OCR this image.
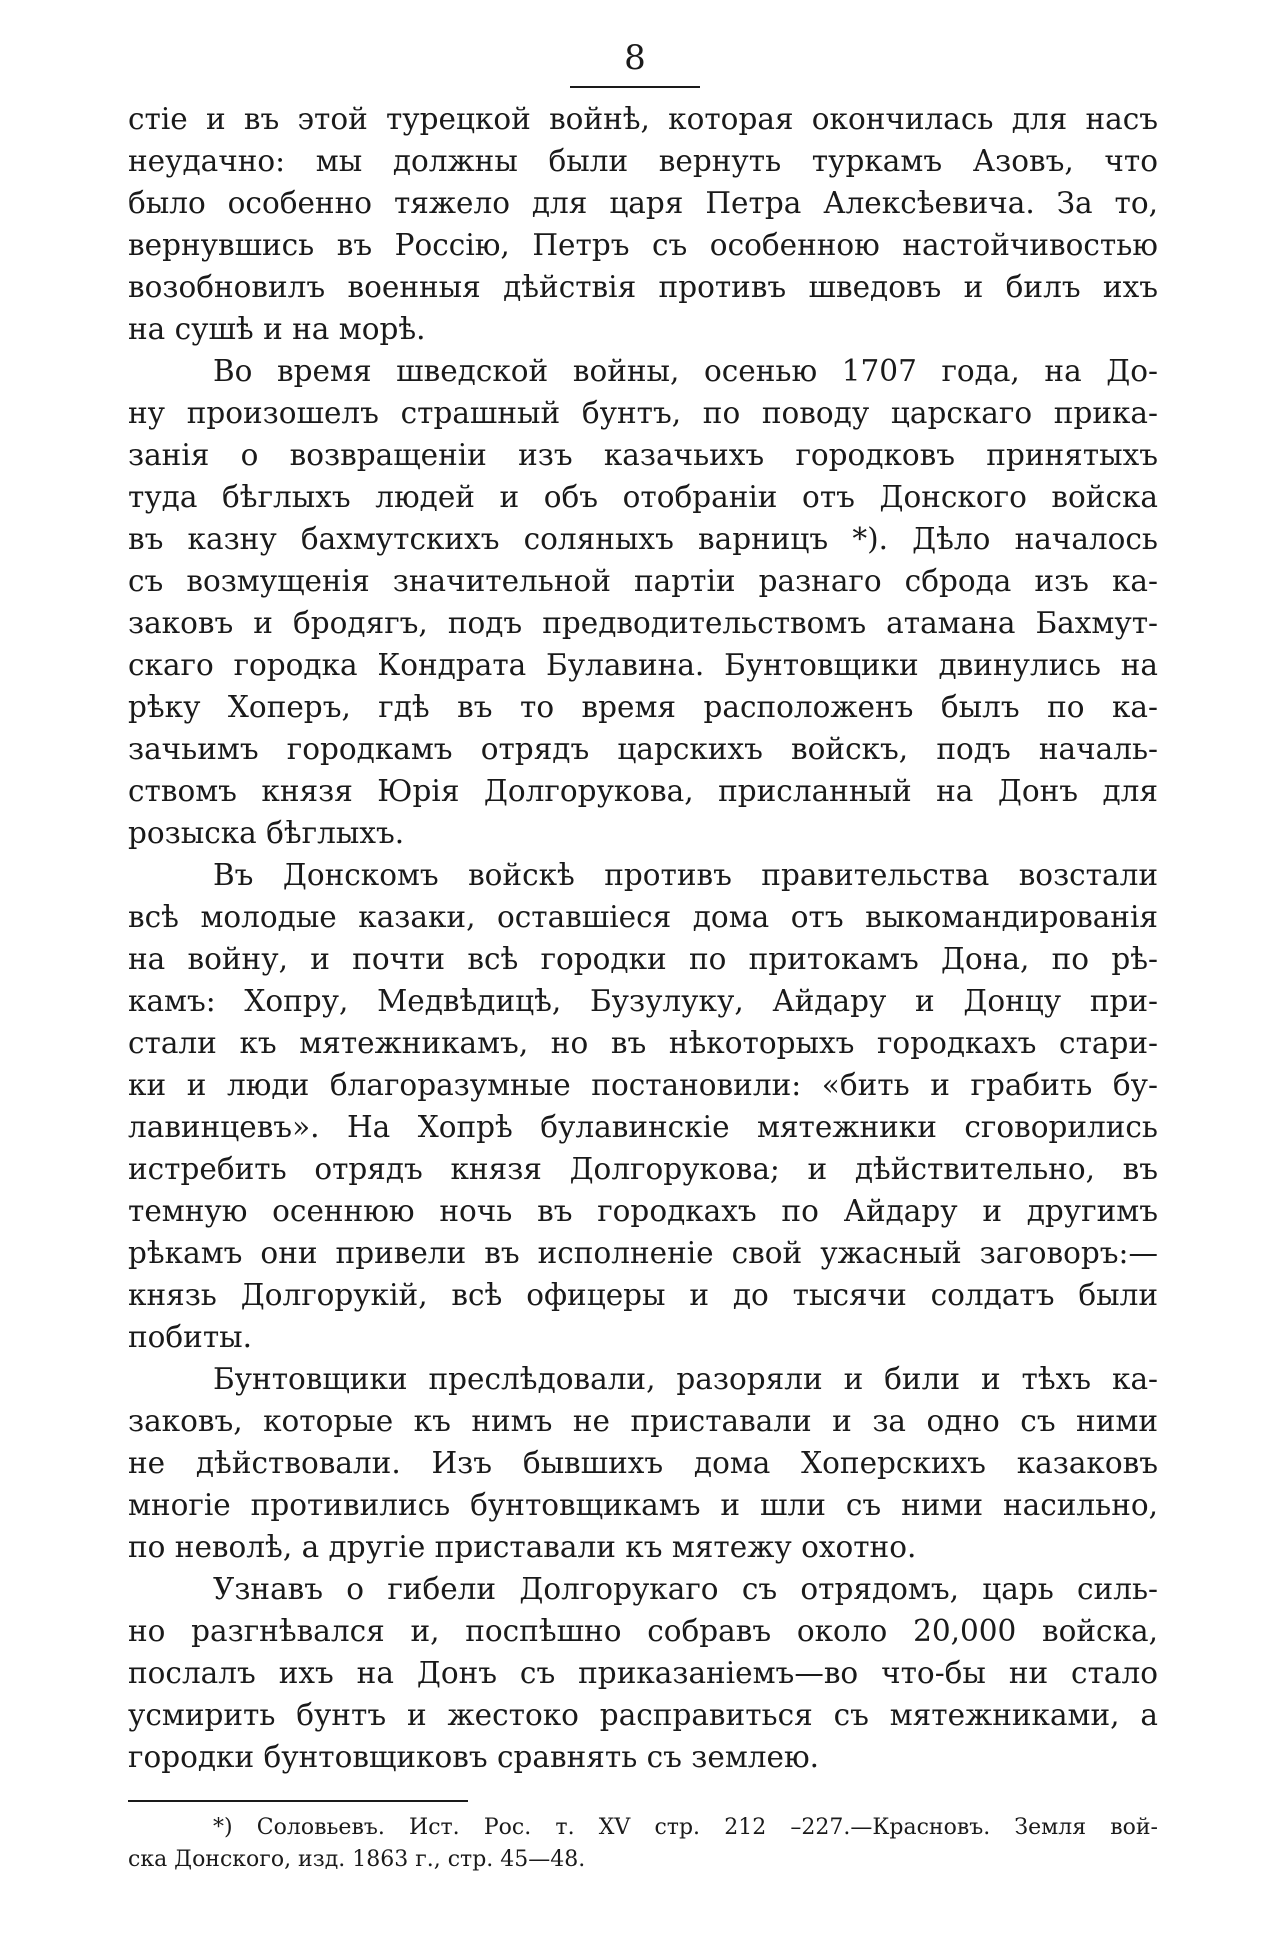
8
стіе и въ этой турецкой войнѣ, которая окончилась для насъ
неудачно: мы должны были вернуть туркамъ Азовъ, что
было особенно тяжело для царя Петра Алексѣевича. За то,
вернувшись въ Россію, Петръ съ особенною настойчивостью
возобновилъ военныя дѣйствія противъ шведовъ и билъ ихъ
на сушѣ и на морѣ.
Во время шведской войны, осенью 1707 года, на До-
ну произошелъ страшный бунтъ, по поводу царскаго прика-
занія о возвращеніи изъ казачьихъ городковъ принятыхъ
туда бѣглыхъ людей и объ отобраніи отъ Донского войска
въ казну бахмутскихъ соляныхъ варницъ *). Дѣло началось
съ возмущенія значительной партіи разнаго сброда изъ ка-
заковъ и бродягъ, подъ предводительствомъ атамана Бахмут-
скаго городка Кондрата Булавина. Бунтовщики двинулись на
рѣку Хоперъ, гдѣ въ то время расположенъ былъ по ка-
зачьимъ городкамъ отрядъ царскихъ войскъ, подъ началь-
ствомъ князя Юрія Долгорукова, присланный на Донъ для
розыска бѣглыхъ.
Въ Донскомъ войскѣ противъ правительства возстали
всѣ молодые казаки, оставшіеся дома отъ выкомандированія
на войну, и почти всѣ городки по притокамъ Дона, по рѣ-
камъ: Хопру, Медвѣдицѣ, Бузулуку, Айдару и Донцу при-
стали къ мятежникамъ, но въ нѣкоторыхъ городкахъ стари-
ки и люди благоразумные постановили: «бить и грабить бу-
лавинцевъ». На Хопрѣ булавинскіе мятежники сговорились
истребить отрядъ князя Долгорукова; и дѣйствительно, въ
темную осеннюю ночь въ городкахъ по Айдару и другимъ
рѣкамъ они привели въ исполненіе свой ужасный заговоръ:—
князь Долгорукій, всѣ офицеры и до тысячи солдатъ были
побиты.
Бунтовщики преслѣдовали, разоряли и били и тѣхъ ка-
заковъ, которые къ нимъ не приставали и за одно съ ними
не дѣйствовали. Изъ бывшихъ дома Хоперскихъ казаковъ
многіе противились бунтовщикамъ и шли съ ними насильно,
по неволѣ, а другіе приставали къ мятежу охотно.
Узнавъ о гибели Долгорукаго съ отрядомъ, царь силь-
но разгнѣвался и, поспѣшно собравъ около 20,000 войска,
послалъ ихъ на Донъ съ приказаніемъ—во что-бы ни стало
усмирить бунтъ и жестоко расправиться съ мятежниками, а
городки бунтовщиковъ сравнять съ землею.
*) Соловьевъ. Ист. Рос. т. XV стр. 212 –227.—Красновъ. Земля вой-
ска Донского, изд. 1863 г., стр. 45—48.
